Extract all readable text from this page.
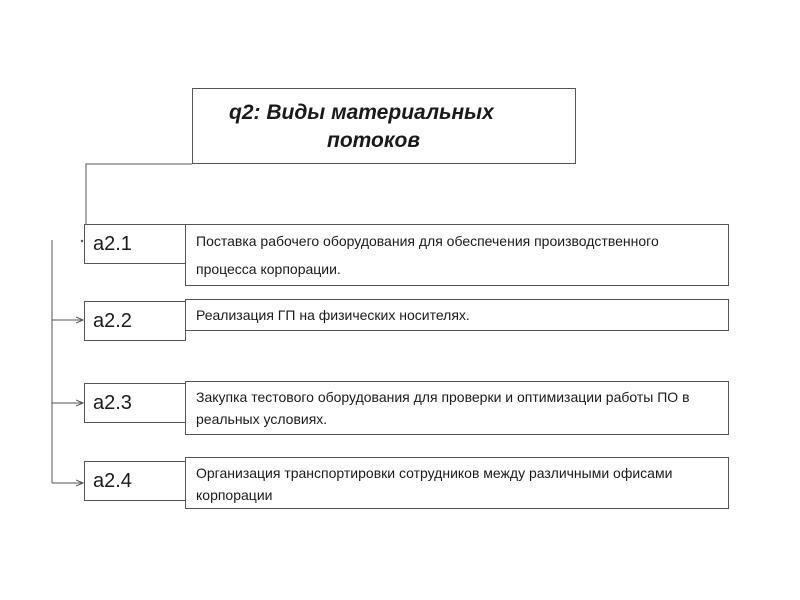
q2: Виды материальных
потоков
a2.1	Поставка рабочего оборудования для обеспечения производственного процесса корпорации.
a2.2	Реализация ГП на физических носителях.
a2.3	Закупка тестового оборудования для проверки и оптимизации работы ПО в реальных условиях.
a2.4	Организация транспортировки сотрудников между различными офисами корпорации
